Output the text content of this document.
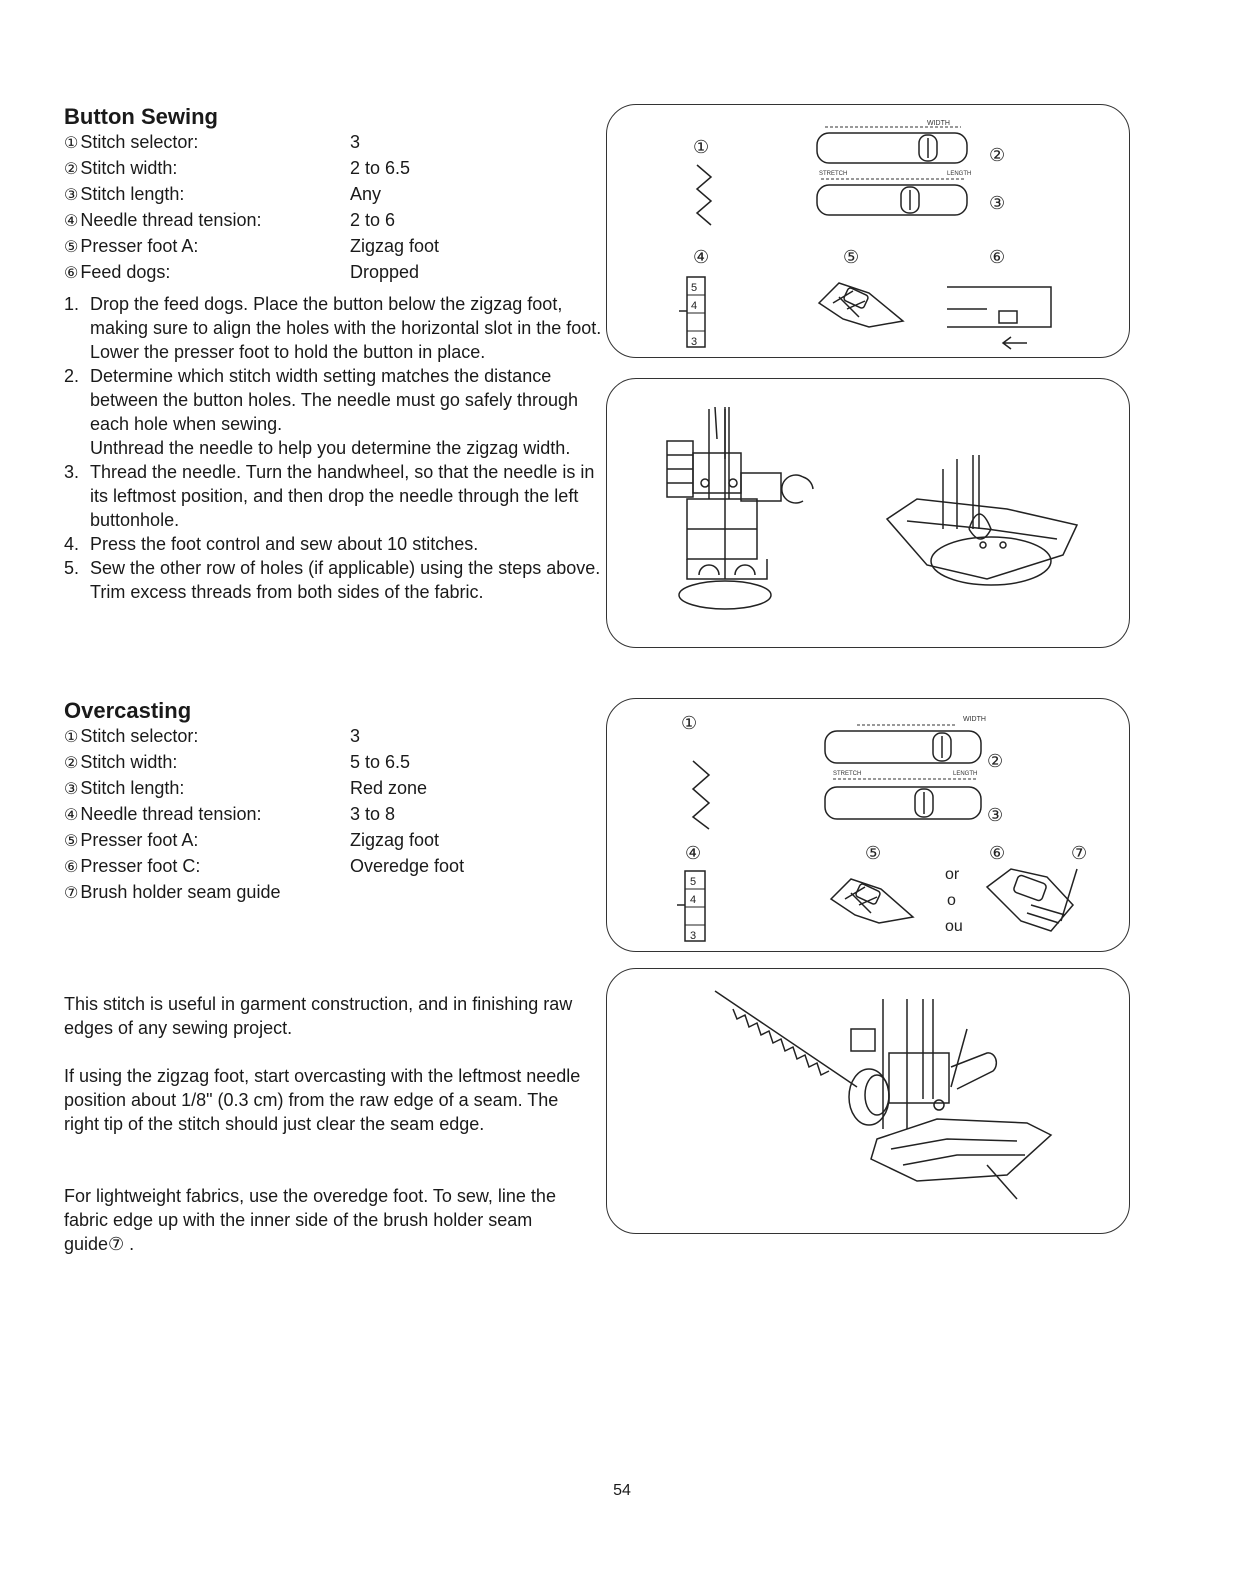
Button Sewing
① Stitch selector:	3
② Stitch width:	2 to 6.5
③ Stitch length:	Any
④ Needle thread tension:	2 to 6
⑤ Presser foot A:	Zigzag foot
⑥ Feed dogs:	Dropped
1. Drop the feed dogs. Place the button below the zigzag foot, making sure to align the holes with the horizontal slot in the foot. Lower the presser foot to hold the button in place.
2. Determine which stitch width setting matches the distance between the button holes. The needle must go safely through each hole when sewing.
Unthread the needle to help you determine the zigzag width.
3. Thread the needle. Turn the handwheel, so that the needle is in its leftmost position, and then drop the needle through the left buttonhole.
4. Press the foot control and sew about 10 stitches.
5. Sew the other row of holes (if applicable) using the steps above. Trim excess threads from both sides of the fabric.
①	②
③
④	⑤	⑥
WIDTH
STRETCH	LENGTH
5
4
3
Overcasting
① Stitch selector:	3
② Stitch width:	5 to 6.5
③ Stitch length:	Red zone
④ Needle thread tension:	3 to 8
⑤ Presser foot A:	Zigzag foot
⑥ Presser foot C:	Overedge foot
⑦ Brush holder seam guide
①
②
③
④	⑤	⑥	⑦
WIDTH
STRETCH	LENGTH
5
4
3
or
o
ou

This stitch is useful in garment construction, and in finishing raw edges of any sewing project.

If using the zigzag foot, start overcasting with the leftmost needle position about 1/8" (0.3 cm) from the raw edge of a seam. The right tip of the stitch should just clear the seam edge.

For lightweight fabrics, use the overedge foot. To sew, line the fabric edge up with the inner side of the brush holder seam guide⑦ .

54
